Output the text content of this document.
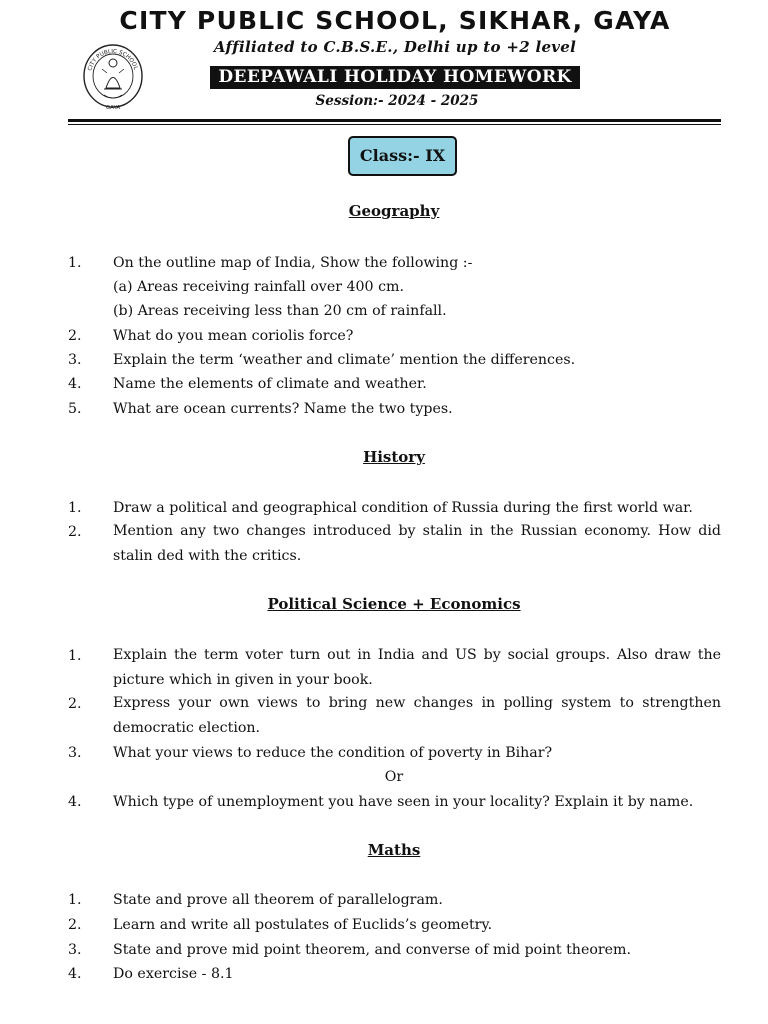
CITY PUBLIC SCHOOL, SIKHAR, GAYA
Affiliated to C.B.S.E., Delhi up to +2 level
DEEPAWALI HOLIDAY HOMEWORK
Session:- 2024 - 2025
CITY PUBLIC SCHOOL
GAYA
Class:- IX
Geography
1. On the outline map of India, Show the following :-
(a) Areas receiving rainfall over 400 cm.
(b) Areas receiving less than 20 cm of rainfall.
2. What do you mean coriolis force?
3. Explain the term ‘weather and climate’ mention the differences.
4. Name the elements of climate and weather.
5. What are ocean currents? Name the two types.
History
1. Draw a political and geographical condition of Russia during the first world war.
2. Mention any two changes introduced by stalin in the Russian economy. How did stalin ded with the critics.
Political Science + Economics
1. Explain the term voter turn out in India and US by social groups. Also draw the picture which in given in your book.
2. Express your own views to bring new changes in polling system to strengthen democratic election.
3. What your views to reduce the condition of poverty in Bihar?
Or
4. Which type of unemployment you have seen in your locality? Explain it by name.
Maths
1. State and prove all theorem of parallelogram.
2. Learn and write all postulates of Euclids’s geometry.
3. State and prove mid point theorem, and converse of mid point theorem.
4. Do exercise - 8.1
